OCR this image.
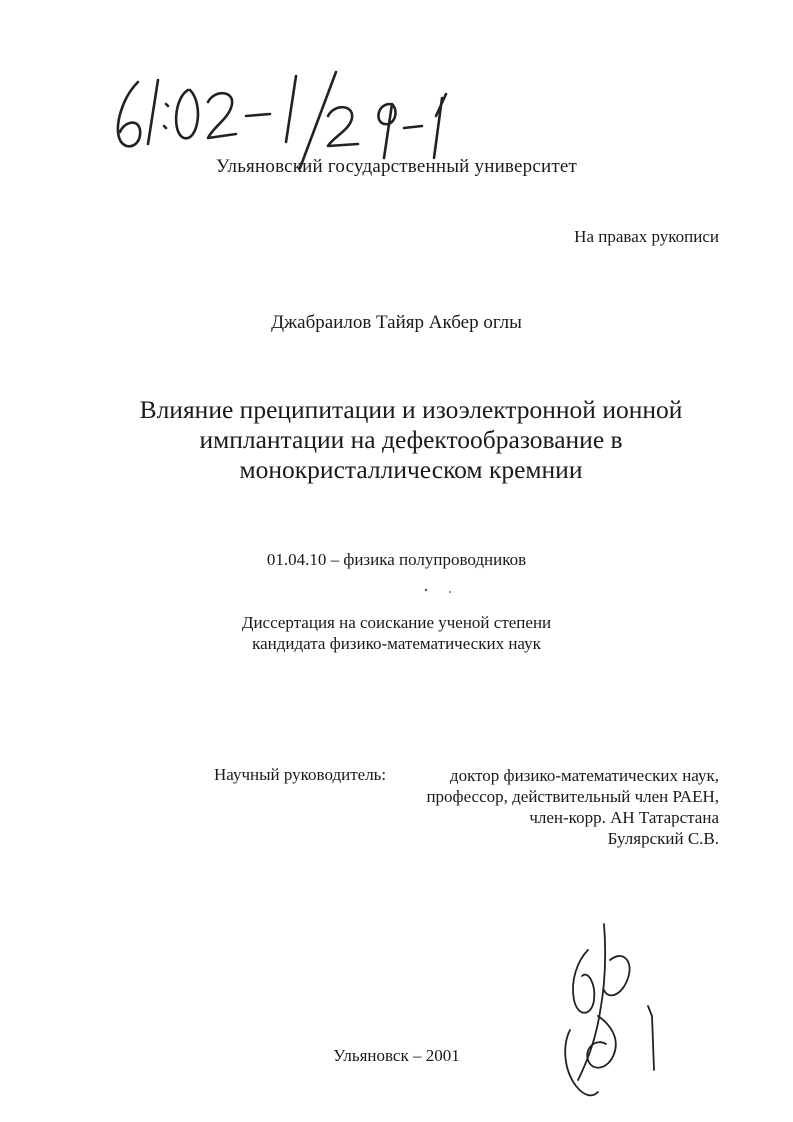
Ульяновский государственный университет
На правах рукописи
Джабраилов Тайяр Акбер оглы
Влияние преципитации и изоэлектронной ионной
имплантации на дефектообразование в
монокристаллическом кремнии
01.04.10 – физика полупроводников
Диссертация на соискание ученой степени
кандидата физико-математических наук
Научный руководитель:	доктор физико-математических наук,
профессор, действительный член РАЕН,
член-корр. АН Татарстана
Булярский С.В.
Ульяновск – 2001
